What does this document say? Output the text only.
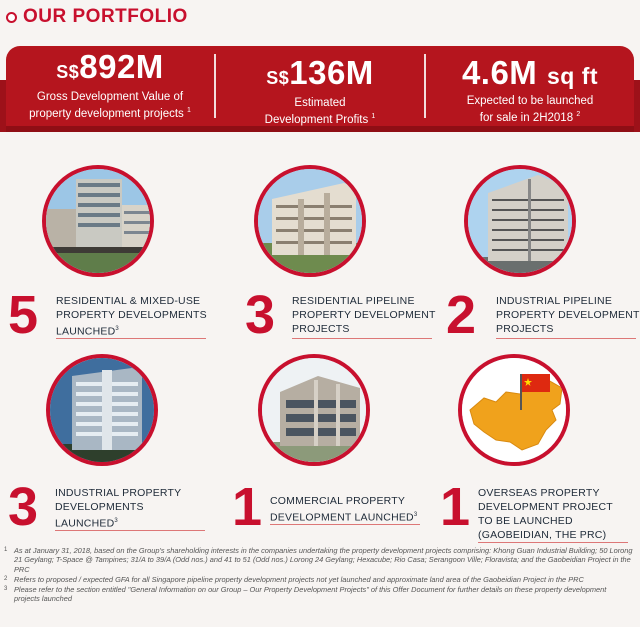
OUR PORTFOLIO
S$892M
Gross Development Value of
property development projects $^1$
S$136M
Estimated
Development Profits $^1$
4.6M sq ft
Expected to be launched
for sale in 2H2018 $^2$
5 RESIDENTIAL & MIXED-USE
PROPERTY DEVELOPMENTS
LAUNCHED$^3$	3 RESIDENTIAL PIPELINE
PROPERTY DEVELOPMENT
PROJECTS	2 INDUSTRIAL PIPELINE
PROPERTY DEVELOPMENT
PROJECTS
3 INDUSTRIAL PROPERTY
DEVELOPMENTS
LAUNCHED$^3$	1 COMMERCIAL PROPERTY
DEVELOPMENT LAUNCHED$^3$ 1 OVERSEAS PROPERTY
DEVELOPMENT PROJECT
TO BE LAUNCHED
(GAOBEIDIAN, THE PRC)
1 As at January 31, 2018, based on the Group's shareholding interests in the companies undertaking the property development projects comprising: Khong Guan Industrial Building; 50 Lorong 21 Geylang; T-Space @ Tampines; 31/A to 39/A (Odd nos.) and 41 to 51 (Odd nos.) Lorong 24 Geylang; Hexacube; Rio Casa; Serangoon Ville; Floravista; and the Gaobeidian Project in the PRC
2 Refers to proposed / expected GFA for all Singapore pipeline property development projects not yet launched and approximate land area of the Gaobeidian Project in the PRC
3 Please refer to the section entitled "General Information on our Group – Our Property Development Projects" of this Offer Document for further details on these property development projects launched
